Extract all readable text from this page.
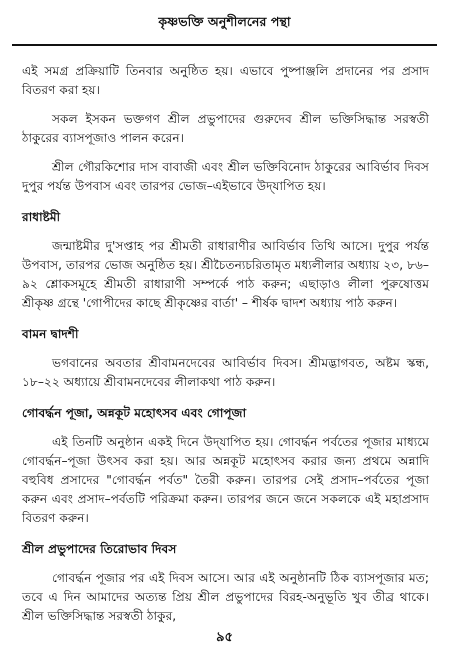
কৃষ্ণভক্তি অনুশীলনের পন্থা

এই সমগ্র প্রক্রিয়াটি তিনবার অনুষ্ঠিত হয়। এভাবে পুষ্পাঞ্জলি প্রদানের পর প্রসাদ বিতরণ করা হয়।

সকল ইসকন ভক্তগণ শ্রীল প্রভুপাদের গুরুদেব শ্রীল ভক্তিসিদ্ধান্ত সরস্বতী ঠাকুরের ব্যাসপূজাও পালন করেন।

শ্রীল গৌরকিশোর দাস বাবাজী এবং শ্রীল ভক্তিবিনোদ ঠাকুরের আবির্ভাব দিবস দুপুর পর্যন্ত উপবাস এবং তারপর ভোজ–এইভাবে উদ্‌যাপিত হয়।

রাধাষ্টমী

জন্মাষ্টমীর দু'সপ্তাহ পর শ্রীমতী রাধারাণীর আবির্ভাব তিথি আসে। দুপুর পর্যন্ত উপবাস, তারপর ভোজ অনুষ্ঠিত হয়। শ্রীচৈতন্যচরিতামৃত মধ্যলীলার অধ্যায় ২৩, ৮৬–৯২ শ্লোকসমূহে শ্রীমতী রাধারাণী সম্পর্কে পাঠ করুন; এছাড়াও লীলা পুরুষোত্তম শ্রীকৃষ্ণ গ্রন্থে 'গোপীদের কাছে শ্রীকৃষ্ণের বার্তা' – শীর্ষক দ্বাদশ অধ্যায় পাঠ করুন।

বামন দ্বাদশী

ভগবানের অবতার শ্রীবামনদেবের আবির্ভাব দিবস। শ্রীমদ্ভাগবত, অষ্টম স্কন্ধ, ১৮–২২ অধ্যায়ে শ্রীবামনদেবের লীলাকথা পাঠ করুন।

গোবর্দ্ধন পূজা, অন্নকূট মহোৎসব এবং গোপূজা

এই তিনটি অনুষ্ঠান একই দিনে উদ্‌যাপিত হয়। গোবর্দ্ধন পর্বতের পূজার মাধ্যমে গোবর্দ্ধন–পূজা উৎসব করা হয়। আর অন্নকূট মহোৎসব করার জন্য প্রথমে অন্নাদি বহুবিধ প্রসাদের "গোবর্দ্ধন পর্বত" তৈরী করুন। তারপর সেই প্রসাদ–পর্বতের পূজা করুন এবং প্রসাদ–পর্বতটি পরিক্রমা করুন। তারপর জনে জনে সকলকে এই মহাপ্রসাদ বিতরণ করুন।

শ্রীল প্রভুপাদের তিরোভাব দিবস

গোবর্দ্ধন পূজার পর এই দিবস আসে। আর এই অনুষ্ঠানটি ঠিক ব্যাসপূজার মত; তবে এ দিন আমাদের অত্যন্ত প্রিয় শ্রীল প্রভুপাদের বিরহ-অনুভূতি খুব তীব্র থাকে। শ্রীল ভক্তিসিদ্ধান্ত সরস্বতী ঠাকুর,

৯৫
